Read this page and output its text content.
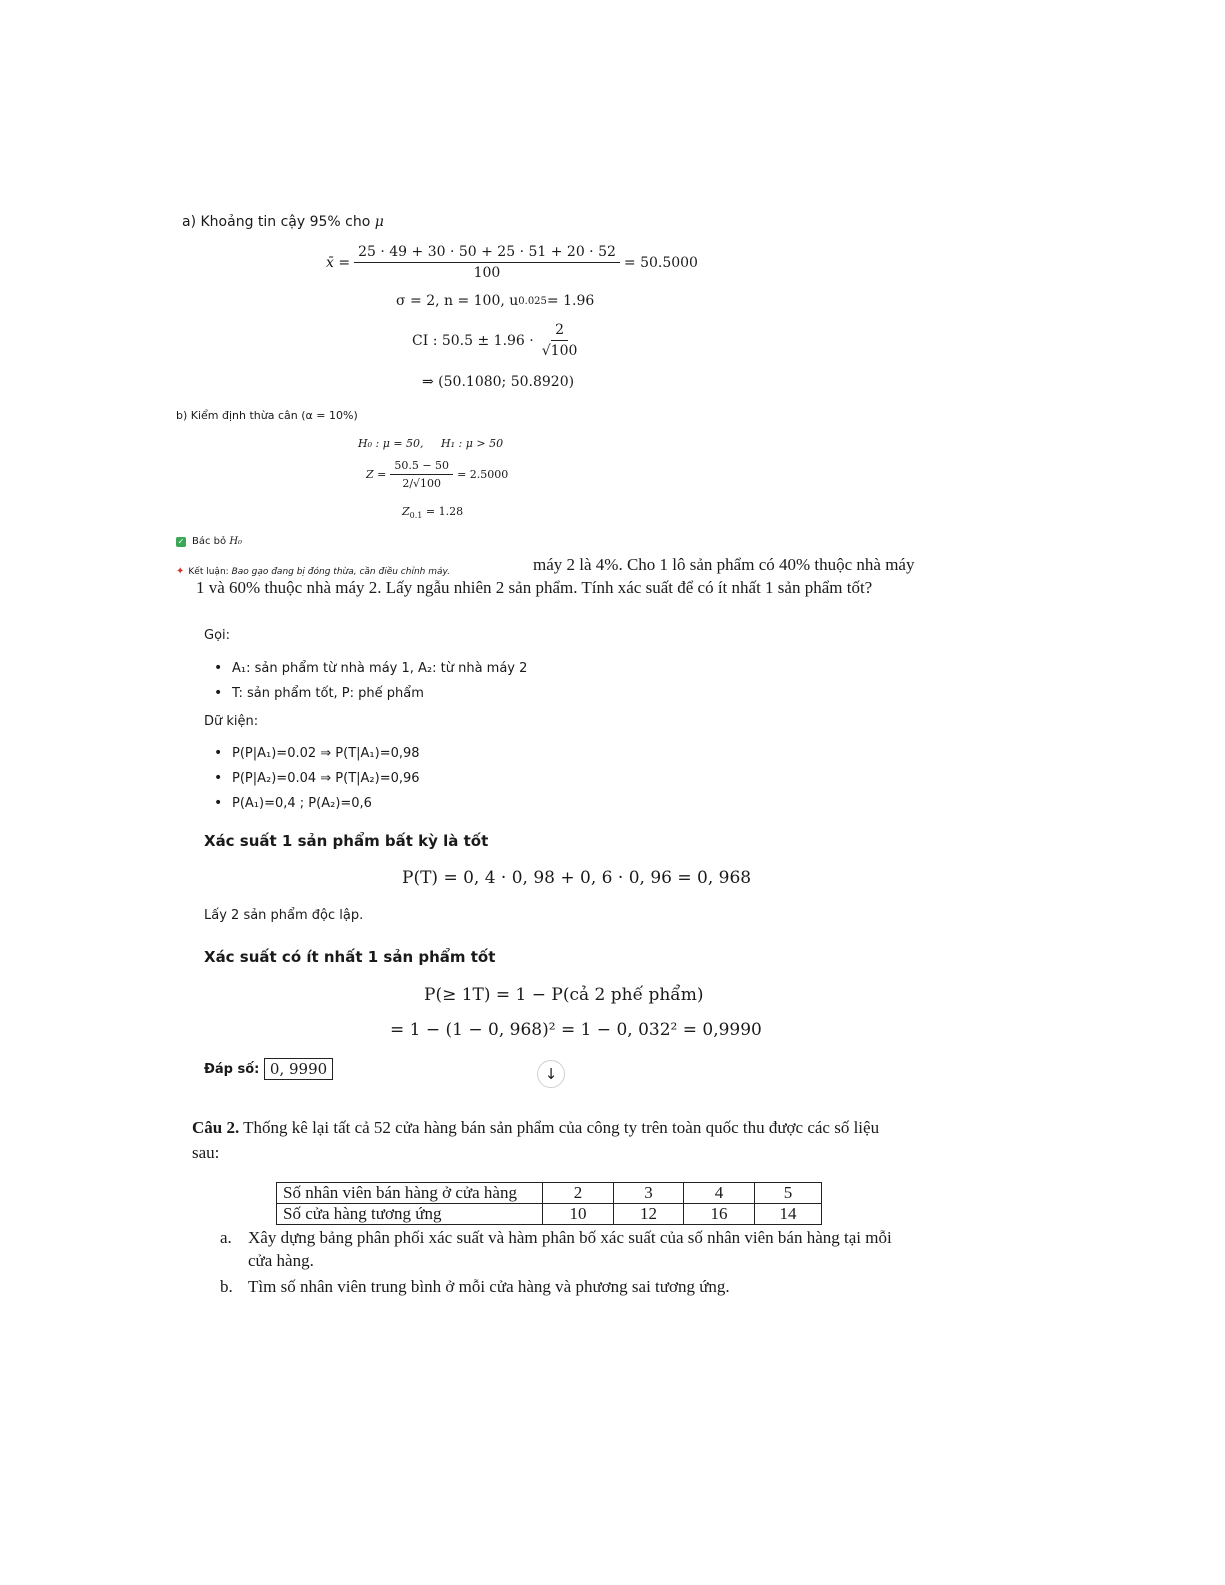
a) Khoảng tin cậy 95% cho
μ
x̄ = $\frac{25 \cdot 49 + 30 \cdot 50 + 25 \cdot 51 + 20 \cdot 52}{100} = 50.5000$
σ = 2, n = 100, u 0.025 = 1.96
CI : $50.5 \pm 1.96 \cdot \frac{2}{√100}$
⇒ (50.1080; 50.8920)
b) Kiểm định thừa cân (α = 10%)
H₀ : μ = 50,     H₁ : μ > 50
$Z = \frac{50.5 - 50}{2/√100} = 2.5000$
$Z_{0.1} = 1.28$
✓ Bác bỏ
H₀
✦ Kết luận:
Bao gạo đang bị đóng thừa, cần điều chỉnh máy.	máy 2 là 4%. Cho 1 lô sản phẩm có 40% thuộc nhà máy
1 và 60% thuộc nhà máy 2. Lấy ngẫu nhiên 2 sản phẩm. Tính xác suất để có ít nhất 1 sản phẩm tốt?
Gọi:
• A₁: sản phẩm từ nhà máy 1, A₂: từ nhà máy 2
• T: sản phẩm tốt, P: phế phẩm
Dữ kiện:
• P(P|A₁)=0.02 ⇒ P(T|A₁)=0,98
• P(P|A₂)=0.04 ⇒ P(T|A₂)=0,96
• P(A₁)=0,4 ; P(A₂)=0,6
Xác suất 1 sản phẩm bất kỳ là tốt
P(T) = 0, 4 · 0, 98 + 0, 6 · 0, 96 = 0, 968
Lấy 2 sản phẩm độc lập.
Xác suất có ít nhất 1 sản phẩm tốt
P(≥ 1T) = 1 − P(cả 2 phế phẩm)
= 1 − (1 − 0, 968)² = 1 − 0, 032² = 0,9990
Đáp số:
0, 9990	↓
Câu 2. Thống kê lại tất cả 52 cửa hàng bán sản phẩm của công ty trên toàn quốc thu được các số liệu
sau:
Số nhân viên bán hàng ở cửa hàng	2	3	4	5
Số cửa hàng tương ứng	10	12	16	14
a. Xây dựng bảng phân phối xác suất và hàm phân bố xác suất của số nhân viên bán hàng tại mỗi
cửa hàng.
b. Tìm số nhân viên trung bình ở mỗi cửa hàng và phương sai tương ứng.
